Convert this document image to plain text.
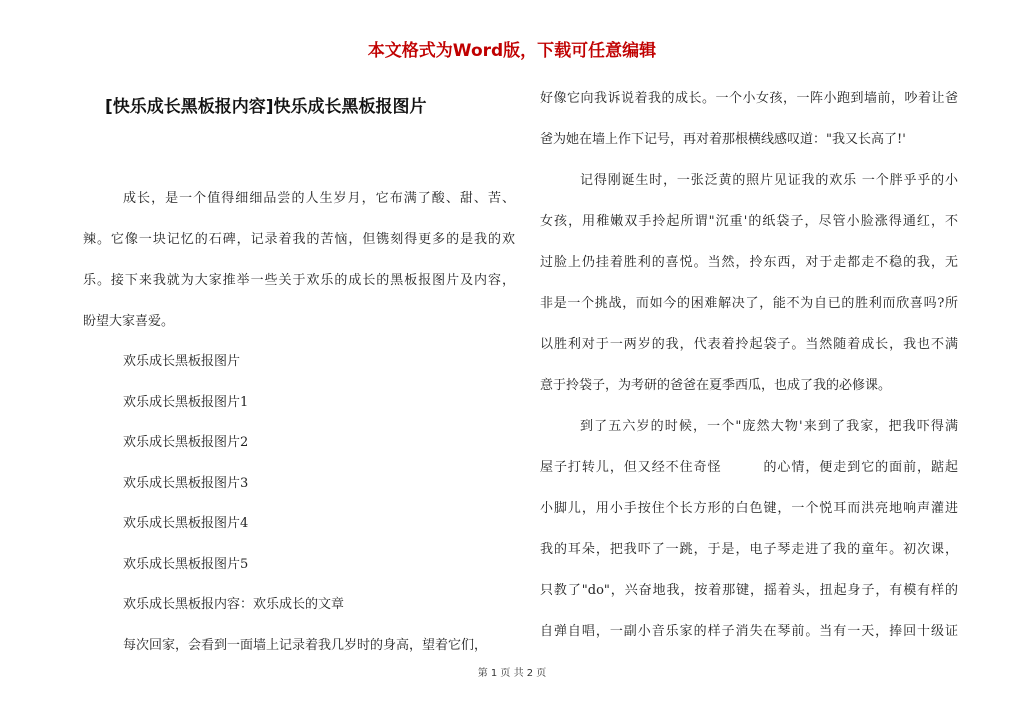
本文格式为Word版，下载可任意编辑
[快乐成长黑板报内容]快乐成长黑板报图片
成长，是一个值得细细品尝的人生岁月，它布满了酸、甜、苦、
辣。它像一块记忆的石碑，记录着我的苦恼，但镌刻得更多的是我的欢
乐。接下来我就为大家推举一些关于欢乐的成长的黑板报图片及内容，
盼望大家喜爱。
欢乐成长黑板报图片
欢乐成长黑板报图片1
欢乐成长黑板报图片2
欢乐成长黑板报图片3
欢乐成长黑板报图片4
欢乐成长黑板报图片5
欢乐成长黑板报内容：欢乐成长的文章
每次回家，会看到一面墙上记录着我几岁时的身高，望着它们，
好像它向我诉说着我的成长。一个小女孩，一阵小跑到墙前，吵着让爸
爸为她在墙上作下记号，再对着那根横线感叹道："我又长高了!'
记得刚诞生时，一张泛黄的照片见证我的欢乐 一个胖乎乎的小
女孩，用稚嫩双手拎起所谓"沉重'的纸袋子，尽管小脸涨得通红，不
过脸上仍挂着胜利的喜悦。当然，拎东西，对于走都走不稳的我，无
非是一个挑战，而如今的困难解决了，能不为自已的胜利而欣喜吗?所
以胜利对于一两岁的我，代表着拎起袋子。当然随着成长，我也不满
意于拎袋子，为考研的爸爸在夏季西瓜，也成了我的必修课。
到了五六岁的时候，一个"庞然大物'来到了我家，把我吓得满
屋子打转儿，但又经不住奇怪　　　的心情，便走到它的面前，踮起
小脚儿，用小手按住个长方形的白色键，一个悦耳而洪亮地响声灌进
我的耳朵，把我吓了一跳，于是，电子琴走进了我的童年。初次课，
只教了"do"，兴奋地我，按着那键，摇着头，扭起身子，有模有样的
自弹自唱，一副小音乐家的样子消失在琴前。当有一天，捧回十级证
第 1 页 共 2 页
